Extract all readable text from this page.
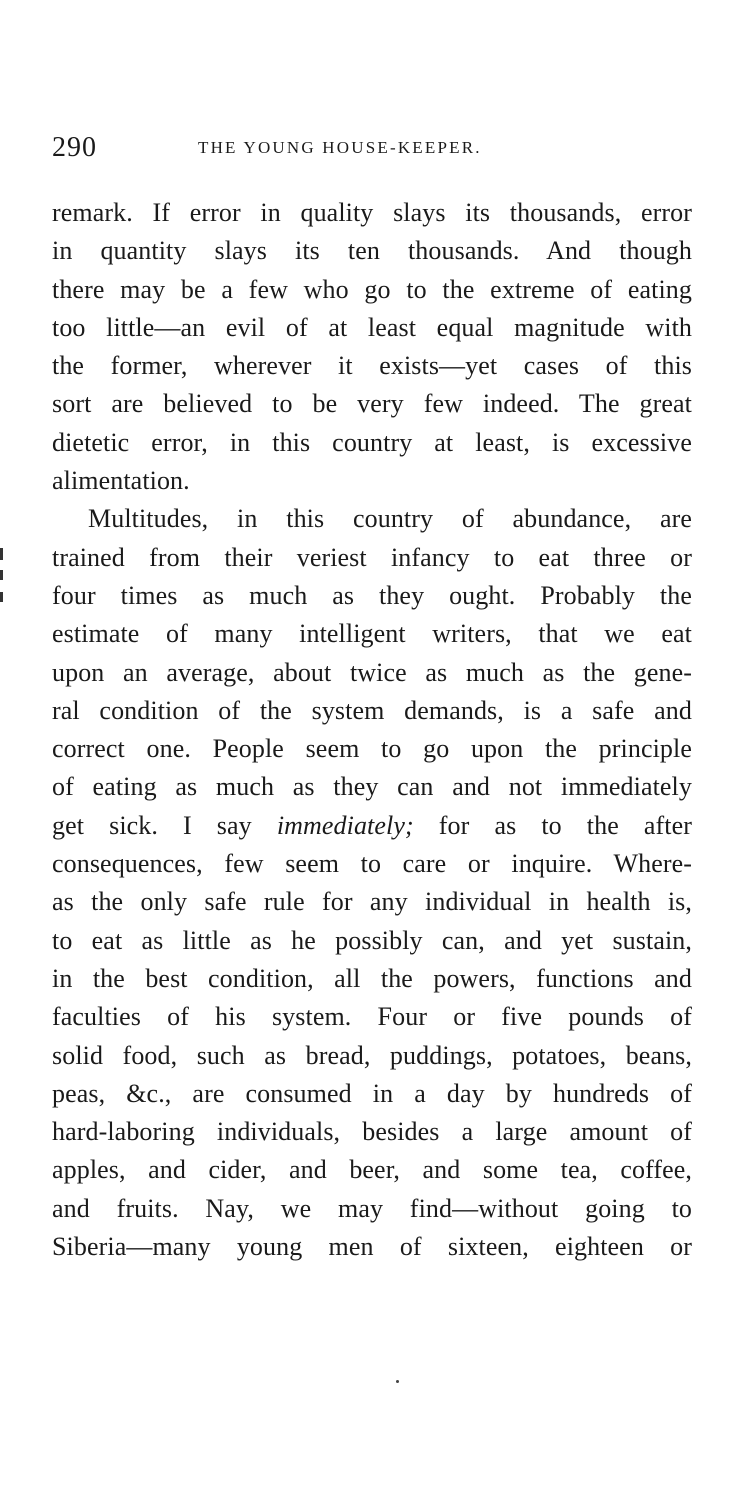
290	THE YOUNG HOUSE-KEEPER.
remark. If error in quality slays its thousands, error
in quantity slays its ten thousands. And though
there may be a few who go to the extreme of eating
too little—an evil of at least equal magnitude with
the former, wherever it exists—yet cases of this
sort are believed to be very few indeed. The great
dietetic error, in this country at least, is excessive
alimentation.
Multitudes, in this country of abundance, are
trained from their veriest infancy to eat three or
four times as much as they ought. Probably the
estimate of many intelligent writers, that we eat
upon an average, about twice as much as the gene-
ral condition of the system demands, is a safe and
correct one. People seem to go upon the principle
of eating as much as they can and not immediately
get sick. I say immediately; for as to the after
consequences, few seem to care or inquire. Where-
as the only safe rule for any individual in health is,
to eat as little as he possibly can, and yet sustain,
in the best condition, all the powers, functions and
faculties of his system. Four or five pounds of
solid food, such as bread, puddings, potatoes, beans,
peas, &c., are consumed in a day by hundreds of
hard-laboring individuals, besides a large amount of
apples, and cider, and beer, and some tea, coffee,
and fruits. Nay, we may find—without going to
Siberia—many young men of sixteen, eighteen or
